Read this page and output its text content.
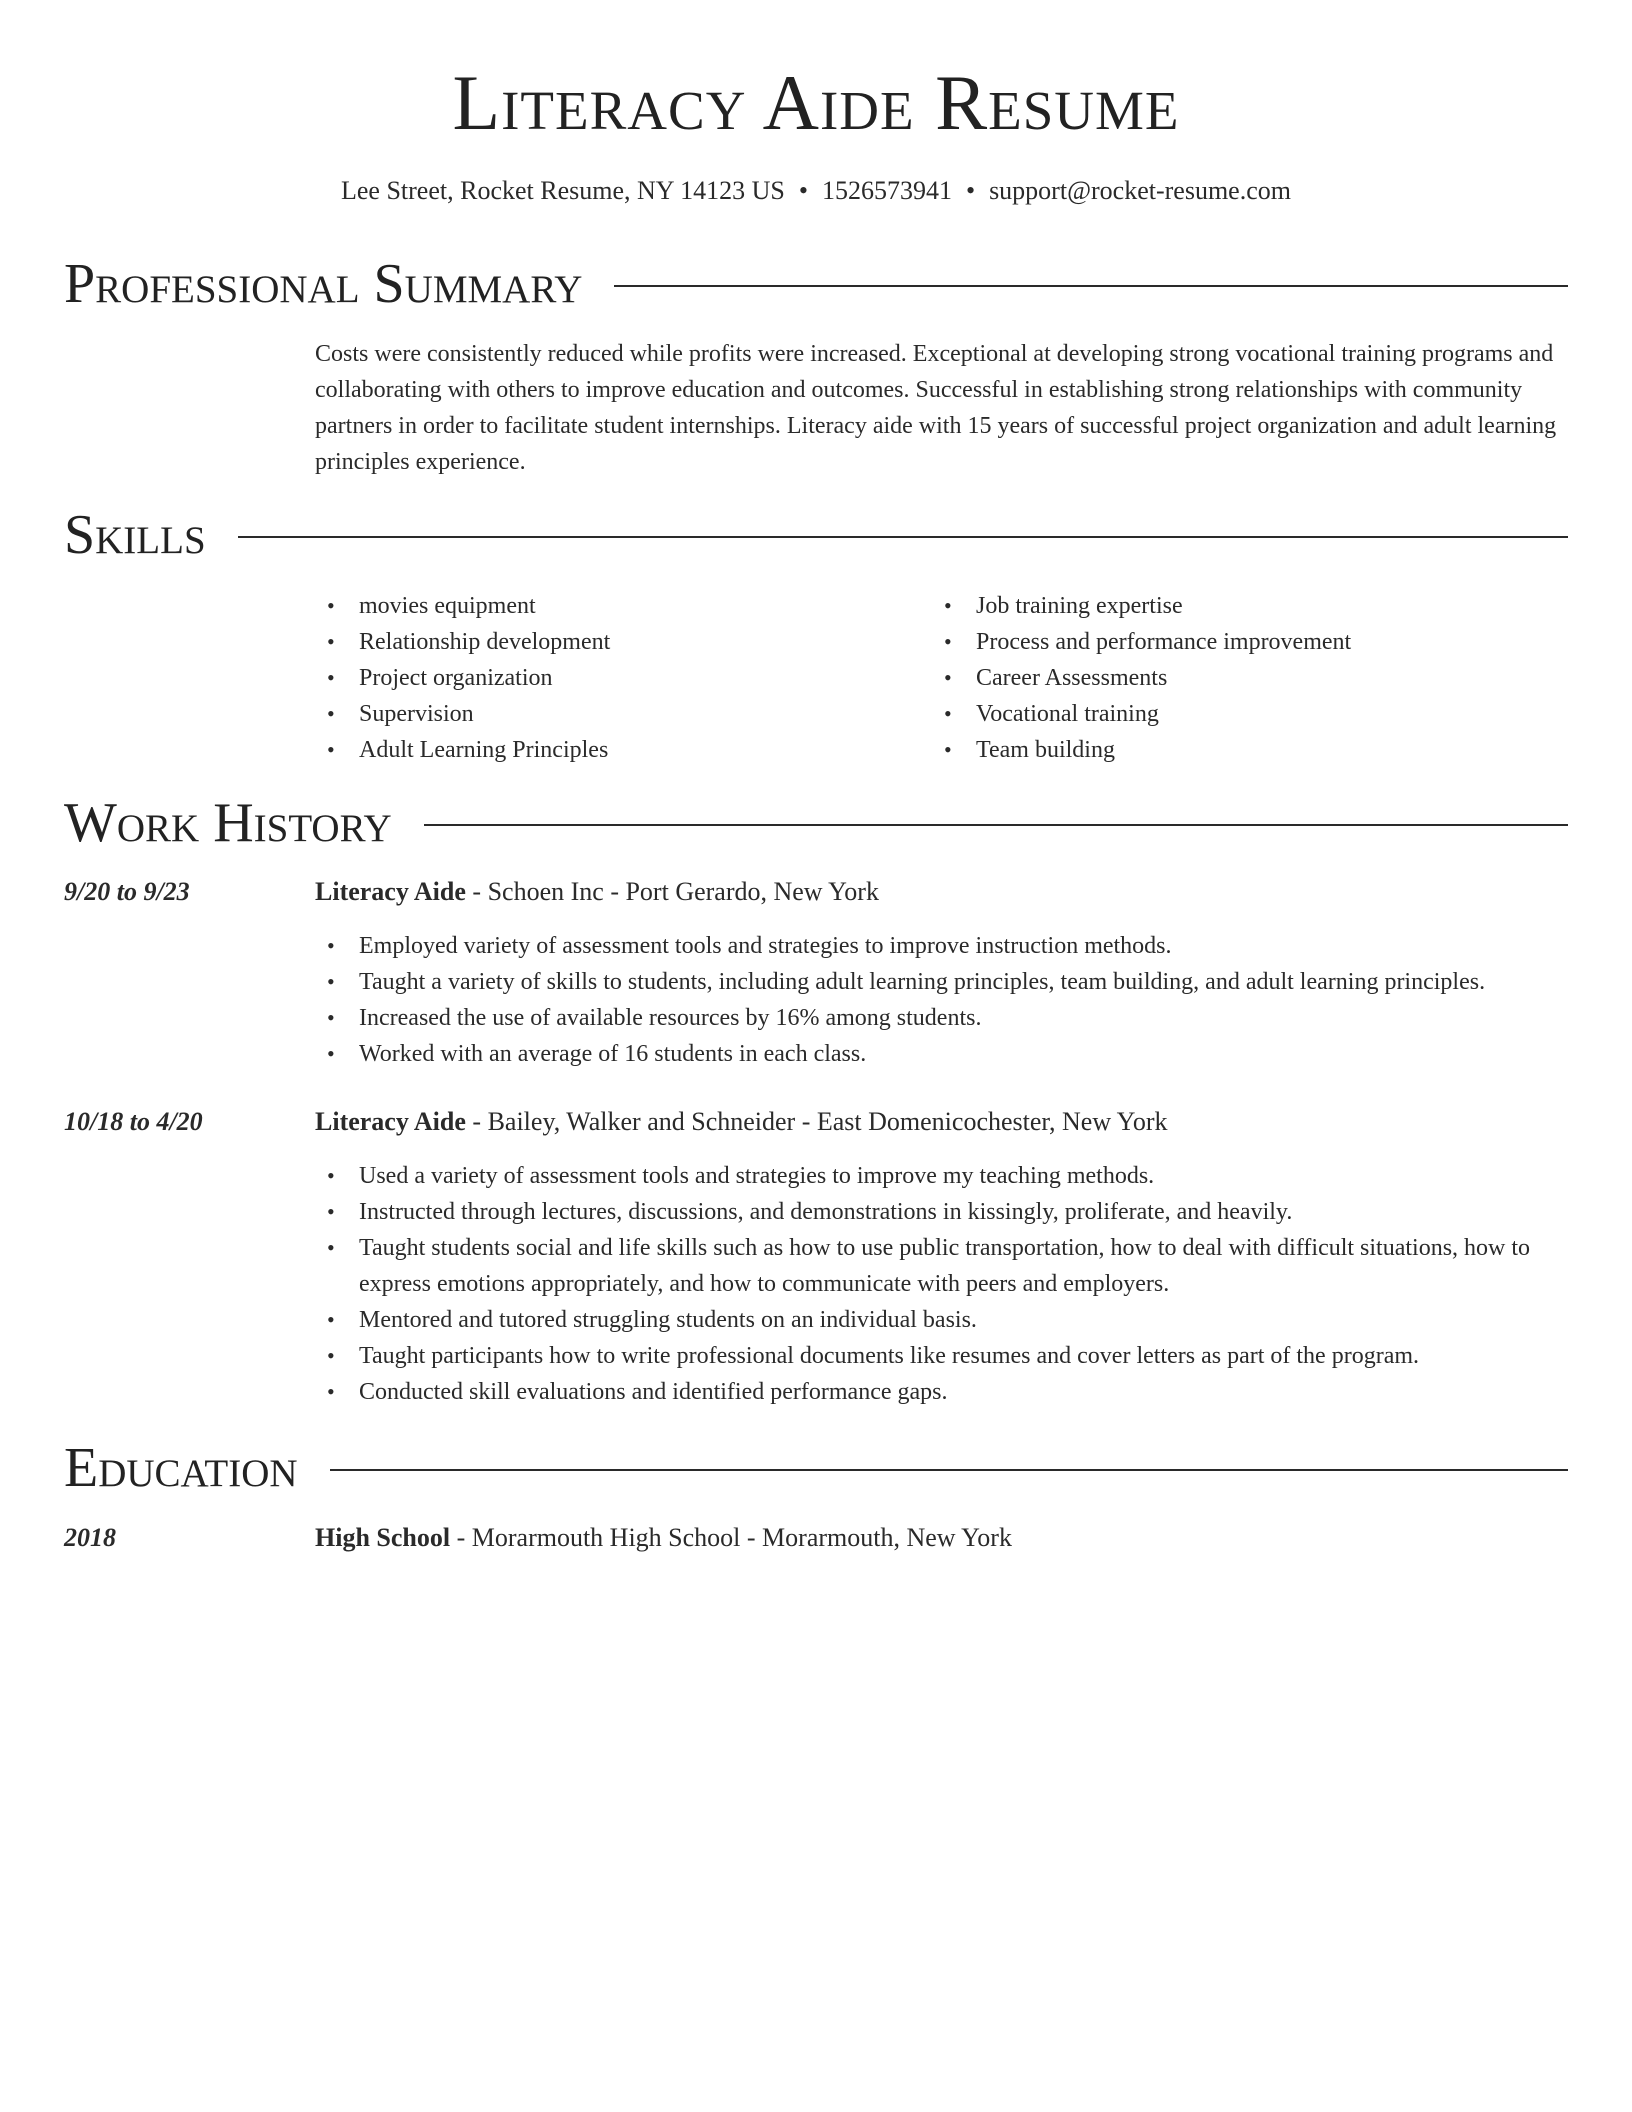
Literacy Aide Resume
Lee Street, Rocket Resume, NY 14123 US • 1526573941 • support@rocket-resume.com
Professional Summary

Costs were consistently reduced while profits were increased. Exceptional at developing strong vocational training programs and collaborating with others to improve education and outcomes. Successful in establishing strong relationships with community partners in order to facilitate student internships. Literacy aide with 15 years of successful project organization and adult learning principles experience.

Skills
• movies equipment
• Relationship development
• Project organization
• Supervision
• Adult Learning Principles
• Job training expertise
• Process and performance improvement
• Career Assessments
• Vocational training
• Team building
Work History
9/20 to 9/23	Literacy Aide - Schoen Inc - Port Gerardo, New York
• Employed variety of assessment tools and strategies to improve instruction methods.
• Taught a variety of skills to students, including adult learning principles, team building, and adult learning principles.
• Increased the use of available resources by 16% among students.
• Worked with an average of 16 students in each class.
10/18 to 4/20	Literacy Aide - Bailey, Walker and Schneider - East Domenicochester, New York
• Used a variety of assessment tools and strategies to improve my teaching methods.
• Instructed through lectures, discussions, and demonstrations in kissingly, proliferate, and heavily.
• Taught students social and life skills such as how to use public transportation, how to deal with difficult situations, how to express emotions appropriately, and how to communicate with peers and employers.
• Mentored and tutored struggling students on an individual basis.
• Taught participants how to write professional documents like resumes and cover letters as part of the program.
• Conducted skill evaluations and identified performance gaps.
Education
2018	High School - Morarmouth High School - Morarmouth, New York
